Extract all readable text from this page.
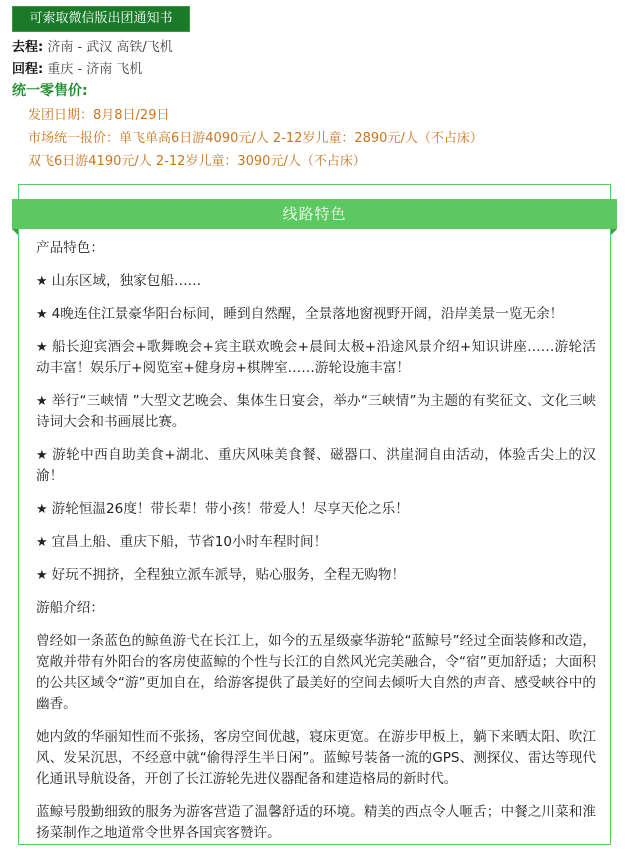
可索取微信版出团通知书
去程: 济南 - 武汉 高铁/飞机
回程: 重庆 - 济南 飞机
统一零售价:
发团日期：8月8日/29日
市场统一报价：单飞单高6日游4090元/人 2-12岁儿童：2890元/人（不占床）
双飞6日游4190元/人 2-12岁儿童：3090元/人（不占床）
线路特色

产品特色：

★ 山东区域，独家包船……

★ 4晚连住江景豪华阳台标间，睡到自然醒，全景落地窗视野开阔，沿岸美景一览无余！

★ 船长迎宾酒会+歌舞晚会+宾主联欢晚会+晨间太极+沿途风景介绍+知识讲座……游轮活动丰富！娱乐厅+阅览室+健身房+棋牌室……游轮设施丰富！

★ 举行“三峡情 ”大型文艺晚会、集体生日宴会，举办“三峡情”为主题的有奖征文、文化三峡诗词大会和书画展比赛。

★ 游轮中西自助美食+湖北、重庆风味美食餐、磁器口、洪崖洞自由活动，体验舌尖上的汉渝！

★ 游轮恒温26度！带长辈！带小孩！带爱人！尽享天伦之乐！

★ 宜昌上船、重庆下船，节省10小时车程时间！

★ 好玩不拥挤，全程独立派车派导，贴心服务，全程无购物！

游船介绍：

曾经如一条蓝色的鲸鱼游弋在长江上，如今的五星级豪华游轮“蓝鲸号”经过全面装修和改造，宽敞并带有外阳台的客房使蓝鲸的个性与长江的自然风光完美融合，令“宿”更加舒适；大面积的公共区域令“游”更加自在，给游客提供了最美好的空间去倾听大自然的声音、感受峡谷中的幽香。

她内敛的华丽知性而不张扬，客房空间优越，寝床更宽。在游步甲板上，躺下来晒太阳、吹江风、发呆沉思，不经意中就“偷得浮生半日闲”。蓝鲸号装备一流的GPS、测探仪、雷达等现代化通讯导航设备，开创了长江游轮先进仪器配备和建造格局的新时代。

蓝鲸号殷勤细致的服务为游客营造了温馨舒适的环境。精美的西点令人咂舌；中餐之川菜和淮扬菜制作之地道常令世界各国宾客赞许。
